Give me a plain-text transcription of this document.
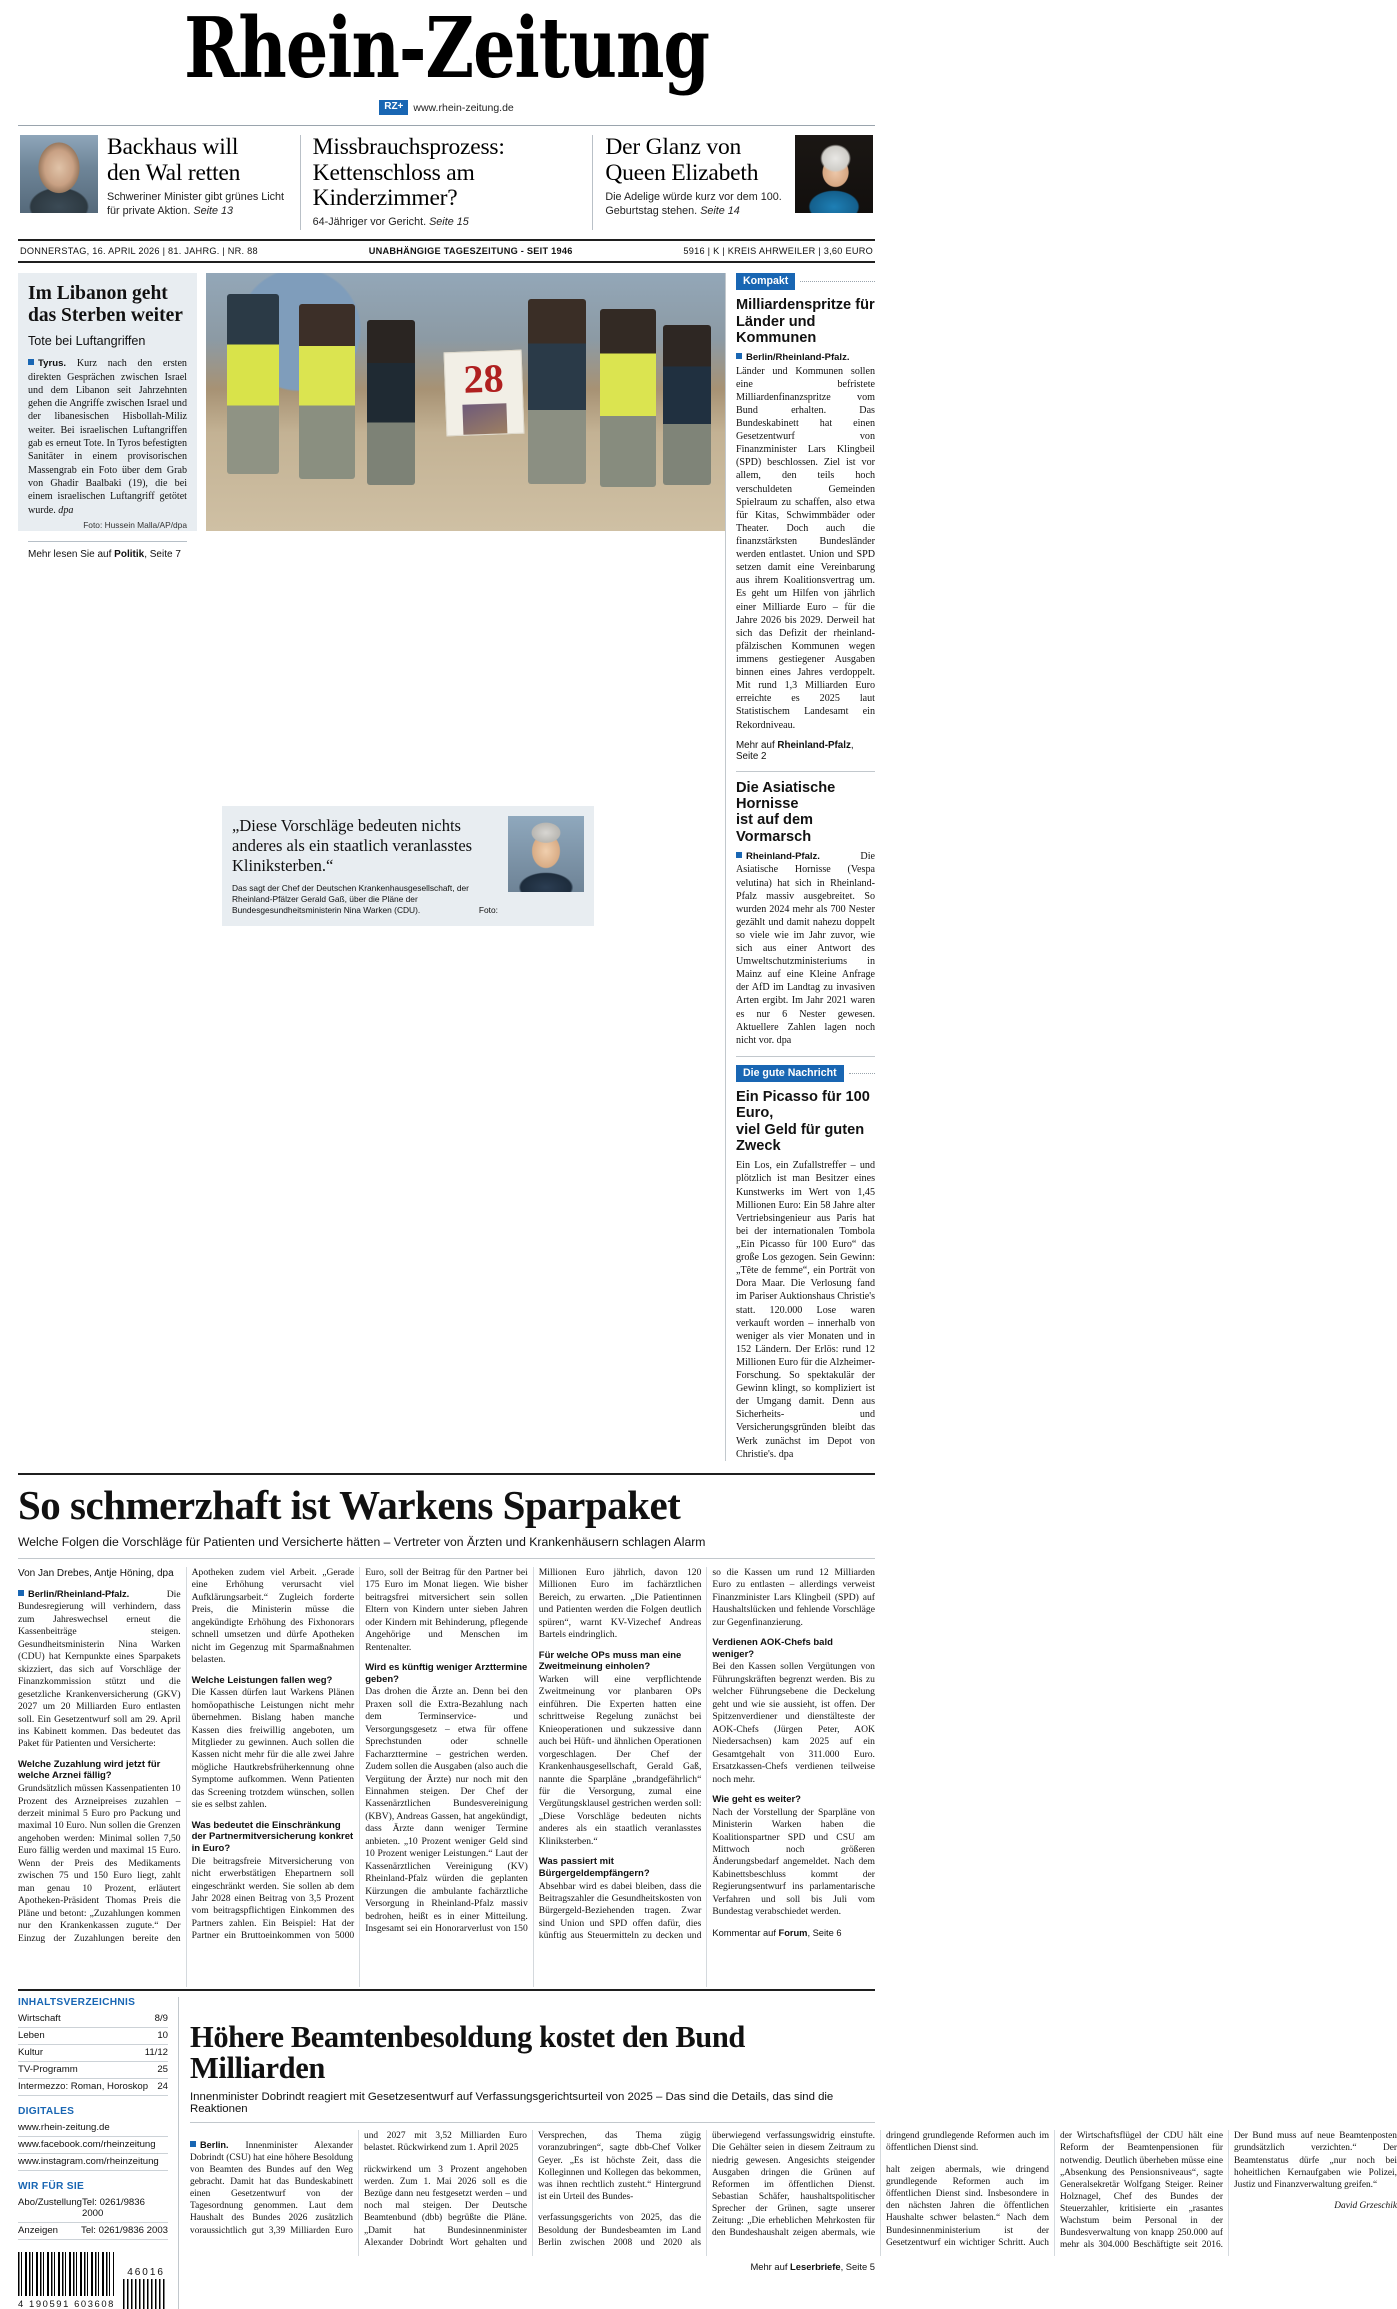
Rhein-Zeitung
RZ+ www.rhein-zeitung.de
Backhaus will
den Wal retten
Schweriner Minister gibt grünes Licht für private Aktion. Seite 13
Missbrauchsprozess:
Kettenschloss am
Kinderzimmer?
64-Jähriger vor Gericht. Seite 15
Der Glanz von
Queen Elizabeth
Die Adelige würde kurz vor dem 100. Geburtstag stehen. Seite 14
DONNERSTAG, 16. APRIL 2026 | 81. JAHRG. | NR. 88	UNABHÄNGIGE TAGESZEITUNG - SEIT 1946	5916 | K | KREIS AHRWEILER | 3,60 EURO
Im Libanon geht
das Sterben weiter
Tote bei Luftangriffen
Tyrus. Kurz nach den ersten direkten Gesprächen zwischen Israel und dem Libanon seit Jahrzehnten gehen die Angriffe zwischen Israel und der libanesischen Hisbollah-Miliz weiter. Bei israelischen Luftangriffen gab es erneut Tote. In Tyros befestigten Sanitäter in einem provisorischen Massengrab ein Foto über dem Grab von Ghadir Baalbaki (19), die bei einem israelischen Luftangriff getötet wurde. dpa
Foto: Hussein Malla/AP/dpa
Mehr lesen Sie auf Politik, Seite 7
28
Kompakt
Milliardenspritze für
Länder und Kommunen
Berlin/Rheinland-Pfalz. Länder und Kommunen sollen eine befristete Milliardenfinanzspritze vom Bund erhalten. Das Bundeskabinett hat einen Gesetzentwurf von Finanzminister Lars Klingbeil (SPD) beschlossen. Ziel ist vor allem, den teils hoch verschuldeten Gemeinden Spielraum zu schaffen, also etwa für Kitas, Schwimmbäder oder Theater. Doch auch die finanzstärksten Bundesländer werden entlastet. Union und SPD setzen damit eine Vereinbarung aus ihrem Koalitionsvertrag um. Es geht um Hilfen von jährlich einer Milliarde Euro – für die Jahre 2026 bis 2029. Derweil hat sich das Defizit der rheinland- pfälzischen Kommunen wegen immens gestiegener Ausgaben binnen eines Jahres verdoppelt. Mit rund 1,3 Milliarden Euro erreichte es 2025 laut Statistischem Landesamt ein Rekordniveau.
Mehr auf Rheinland-Pfalz, Seite 2
Die Asiatische Hornisse
ist auf dem Vormarsch
Rheinland-Pfalz.	Die Asiatische Hornisse (Vespa velutina) hat sich in Rheinland-Pfalz massiv ausgebreitet. So wurden 2024 mehr als 700 Nester gezählt und damit nahezu doppelt so viele wie im Jahr zuvor, wie sich aus einer Antwort des Umweltschutzministeriums in Mainz auf eine Kleine Anfrage der AfD im Landtag zu invasiven Arten ergibt. Im Jahr 2021 waren es nur 6 Nester gewesen. Aktuellere Zahlen lagen noch nicht vor. dpa
Die gute Nachricht
Ein Picasso für 100 Euro,
viel Geld für guten Zweck
Ein Los, ein Zufallstreffer – und plötzlich ist man Besitzer eines Kunstwerks im Wert von 1,45 Millionen Euro: Ein 58 Jahre alter Vertriebsingenieur aus Paris hat bei der internationalen Tombola „Ein Picasso für 100 Euro“ das große Los gezogen. Sein Gewinn: „Tête de femme“, ein Porträt von Dora Maar. Die Verlosung fand im Pariser Auktionshaus Christie's statt. 120.000 Lose waren verkauft worden – innerhalb von weniger als vier Monaten und in 152 Ländern. Der Erlös: rund 12 Millionen Euro für die Alzheimer-Forschung. So spektakulär der Gewinn klingt, so kompliziert ist der Umgang damit. Denn aus Sicherheits- und Versicherungsgründen bleibt das Werk zunächst im Depot von Christie's. dpa
So schmerzhaft ist Warkens Sparpaket
Welche Folgen die Vorschläge für Patienten und Versicherte hätten – Vertreter von Ärzten und Krankenhäusern schlagen Alarm
Von Jan Drebes, Antje Höning, dpa

Berlin/Rheinland-Pfalz.	Die Bundesregierung will verhindern, dass zum Jahreswechsel erneut die Kassenbeiträge steigen. Gesundheitsministerin Nina Warken (CDU) hat Kernpunkte eines Sparpakets skizziert, das sich auf Vorschläge der Finanzkommission stützt und die gesetzliche Krankenversicherung (GKV) 2027 um 20 Milliarden Euro entlasten soll. Ein Gesetzentwurf soll am 29. April ins Kabinett kommen. Das bedeutet das Paket für Patienten und Versicherte:

Welche Zuzahlung wird jetzt für welche Arznei fällig?

Grundsätzlich müssen Kassenpatienten 10 Prozent des Arzneipreises zuzahlen – derzeit minimal 5 Euro pro Packung und maximal 10 Euro. Nun sollen die Grenzen angehoben werden: Minimal sollen 7,50 Euro fällig werden und maximal 15 Euro. Wenn der Preis des Medikaments zwischen 75 und 150 Euro liegt, zahlt man genau 10 Prozent, erläutert Apotheken-Präsident Thomas Preis die Pläne und betont: „Zuzahlungen kommen nur den Krankenkassen zugute.“ Der Einzug der Zuzahlungen bereite den Apotheken zudem viel Arbeit. „Gerade eine Erhöhung verursacht viel Aufklärungsarbeit.“ Zugleich forderte Preis, die Ministerin müsse die angekündigte Erhöhung des Fixhonorars schnell umsetzen und dürfe Apotheken nicht im Gegenzug mit Sparmaßnahmen belasten.

Welche Leistungen fallen weg?

Die Kassen dürfen laut Warkens Plänen homöopathische Leistungen nicht mehr übernehmen. Bislang haben manche Kassen dies freiwillig angeboten, um Mitglieder zu gewinnen. Auch sollen die Kassen nicht mehr für die alle zwei Jahre mögliche Hautkrebsfrüherkennung ohne Symptome aufkommen. Wenn Patienten das Screening trotzdem wünschen, sollen sie es selbst zahlen.

Was bedeutet die Einschränkung der Partnermitversicherung konkret in Euro?

Die beitragsfreie Mitversicherung von nicht erwerbstätigen Ehepartnern soll eingeschränkt werden. Sie sollen ab dem Jahr 2028 einen Beitrag von 3,5 Prozent vom beitragspflichtigen Einkommen des Partners zahlen. Ein Beispiel: Hat der Partner ein Bruttoeinkommen von 5000 Euro, soll der Beitrag für den Partner bei 175 Euro im Monat liegen. Wie bisher beitragsfrei mitversichert sein sollen Eltern von Kindern unter sieben Jahren oder Kindern mit Behinderung, pflegende Angehörige und Menschen im Rentenalter.

Wird es künftig weniger Arzttermine geben?

Das drohen die Ärzte an. Denn bei den Praxen soll die Extra-Bezahlung nach dem Terminservice- und Versorgungsgesetz – etwa für offene Sprechstunden oder schnelle Facharzttermine – gestrichen werden. Zudem sollen die Ausgaben (also auch die Vergütung der Ärzte) nur noch mit den Einnahmen steigen. Der Chef der Kassenärztlichen Bundesvereinigung (KBV), Andreas Gassen, hat angekündigt, dass Ärzte dann weniger Termine anbieten. „10 Prozent weniger Geld sind 10 Prozent weniger Leistungen.“ Laut der Kassenärztlichen Vereinigung (KV) Rheinland-Pfalz würden die geplanten Kürzungen die ambulante fachärztliche Versorgung in Rheinland-Pfalz massiv bedrohen, heißt es in einer Mitteilung. Insgesamt sei ein Honorarverlust von 150 Millionen Euro jährlich, davon 120 Millionen Euro im fachärztlichen Bereich, zu erwarten. „Die Patientinnen und Patienten werden die Folgen deutlich spüren“, warnt KV-Vizechef Andreas Bartels eindringlich.

Für welche OPs muss man eine Zweitmeinung einholen?

Warken will eine verpflichtende Zweitmeinung vor planbaren OPs einführen. Die Experten hatten eine schrittweise Regelung zunächst bei Knieoperationen und sukzessive dann auch bei Hüft- und ähnlichen Operationen vorgeschlagen. Der Chef der Krankenhausgesellschaft, Gerald Gaß, nannte die Sparpläne „brandgefährlich“ für die Versorgung, zumal eine Vergütungsklausel gestrichen werden soll: „Diese Vorschläge bedeuten nichts anderes als ein staatlich veranlasstes Kliniksterben.“

Was passiert mit Bürgergeldempfängern?

Absehbar wird es dabei bleiben, dass die Beitragszahler die Gesundheitskosten von Bürgergeld-Beziehenden tragen. Zwar sind Union und SPD offen dafür, dies künftig aus Steuermitteln zu decken und so die Kassen um rund 12 Milliarden Euro zu entlasten – allerdings verweist Finanzminister Lars Klingbeil (SPD) auf Haushaltslücken und fehlende Vorschläge zur Gegenfinanzierung.

Verdienen AOK-Chefs bald weniger?

Bei den Kassen sollen Vergütungen von Führungskräften begrenzt werden. Bis zu welcher Führungsebene die Deckelung geht und wie sie aussieht, ist offen. Der Spitzenverdiener und dienstälteste der AOK-Chefs (Jürgen Peter, AOK Niedersachsen) kam 2025 auf ein Gesamtgehalt von 311.000 Euro. Ersatzkassen-Chefs verdienen teilweise noch mehr.

Wie geht es weiter?

Nach der Vorstellung der Sparpläne von Ministerin Warken haben die Koalitionspartner SPD und CSU am Mittwoch noch größeren Änderungsbedarf angemeldet. Nach dem Kabinettsbeschluss kommt der Regierungsentwurf ins parlamentarische Verfahren und soll bis Juli vom Bundestag verabschiedet werden.

Kommentar auf Forum, Seite 6

„Diese Vorschläge bedeuten nichts anderes als ein staatlich veranlasstes Kliniksterben.“
Das sagt der Chef der Deutschen Krankenhausgesellschaft, der Rheinland-Pfälzer Gerald Gaß, über die Pläne der Bundesgesundheitsministerin Nina Warken (CDU).	Foto:
INHALTSVERZEICHNIS
Wirtschaft	8/9
Leben	10
Kultur	11/12
TV-Programm	25
Intermezzo: Roman, Horoskop 24
DIGITALES
www.rhein-zeitung.de
www.facebook.com/rheinzeitung
www.instagram.com/rheinzeitung
WIR FÜR SIE
Abo/Zustellung Tel: 0261/9836 2000
Anzeigen Tel: 0261/9836 2003
4 190591 603608
46016
Höhere Beamtenbesoldung kostet den Bund Milliarden
Innenminister Dobrindt reagiert mit Gesetzesentwurf auf Verfassungsgerichtsurteil von 2025 – Das sind die Details, das sind die Reaktionen

Berlin. Innenminister Alexander Dobrindt (CSU) hat eine höhere Besoldung von Beamten des Bundes auf den Weg gebracht. Damit hat das Bundeskabinett einen Gesetzentwurf von der Tagesordnung genommen. Laut dem Haushalt des Bundes 2026 zusätzlich voraussichtlich gut 3,39 Milliarden Euro und 2027 mit 3,52 Milliarden Euro belastet. Rückwirkend zum 1. April 2025

rückwirkend um 3 Prozent angehoben werden. Zum 1. Mai 2026 soll es die Bezüge dann neu festgesetzt werden – und noch mal steigen. Der Deutsche Beamtenbund (dbb) begrüßte die Pläne. „Damit hat Bundesinnenminister Alexander Dobrindt Wort gehalten und Versprechen, das Thema zügig voranzubringen“, sagte dbb-Chef Volker Geyer. „Es ist höchste Zeit, dass die Kolleginnen und Kollegen das bekommen, was ihnen rechtlich zusteht.“ Hintergrund ist ein Urteil des Bundes-

verfassungsgerichts von 2025, das die Besoldung der Bundesbeamten im Land Berlin zwischen 2008 und 2020 als überwiegend verfassungswidrig einstufte. Die Gehälter seien in diesem Zeitraum zu niedrig gewesen. Angesichts steigender Ausgaben dringen die Grünen auf Reformen im öffentlichen Dienst. Sebastian Schäfer, haushaltspolitischer Sprecher der Grünen, sagte unserer Zeitung: „Die erheblichen Mehrkosten für den Bundeshaushalt zeigen abermals, wie dringend grundlegende Reformen auch im öffentlichen Dienst sind.

halt zeigen abermals, wie dringend grundlegende Reformen auch im öffentlichen Dienst sind. Insbesondere in den nächsten Jahren die öffentlichen Haushalte schwer belasten.“ Nach dem Bundesinnenministerium ist der Gesetzentwurf ein wichtiger Schritt. Auch der Wirtschaftsflügel der CDU hält eine Reform der Beamtenpensionen für notwendig. Deutlich überheben müsse eine „Absenkung des Pensionsniveaus“, sagte Generalsekretär Wolfgang Steiger. Reiner Holznagel, Chef des Bundes der Steuerzahler, kritisierte ein „rasantes Wachstum beim Personal in der Bundesverwaltung von knapp 250.000 auf mehr als 304.000 Beschäftigte seit 2016. Der Bund muss auf neue Beamtenposten grundsätzlich verzichten.“ Der Beamtenstatus dürfe „nur noch bei hoheitlichen Kernaufgaben wie Polizei, Justiz und Finanzverwaltung greifen.“

David Grzeschik

Mehr auf Leserbriefe, Seite 5
